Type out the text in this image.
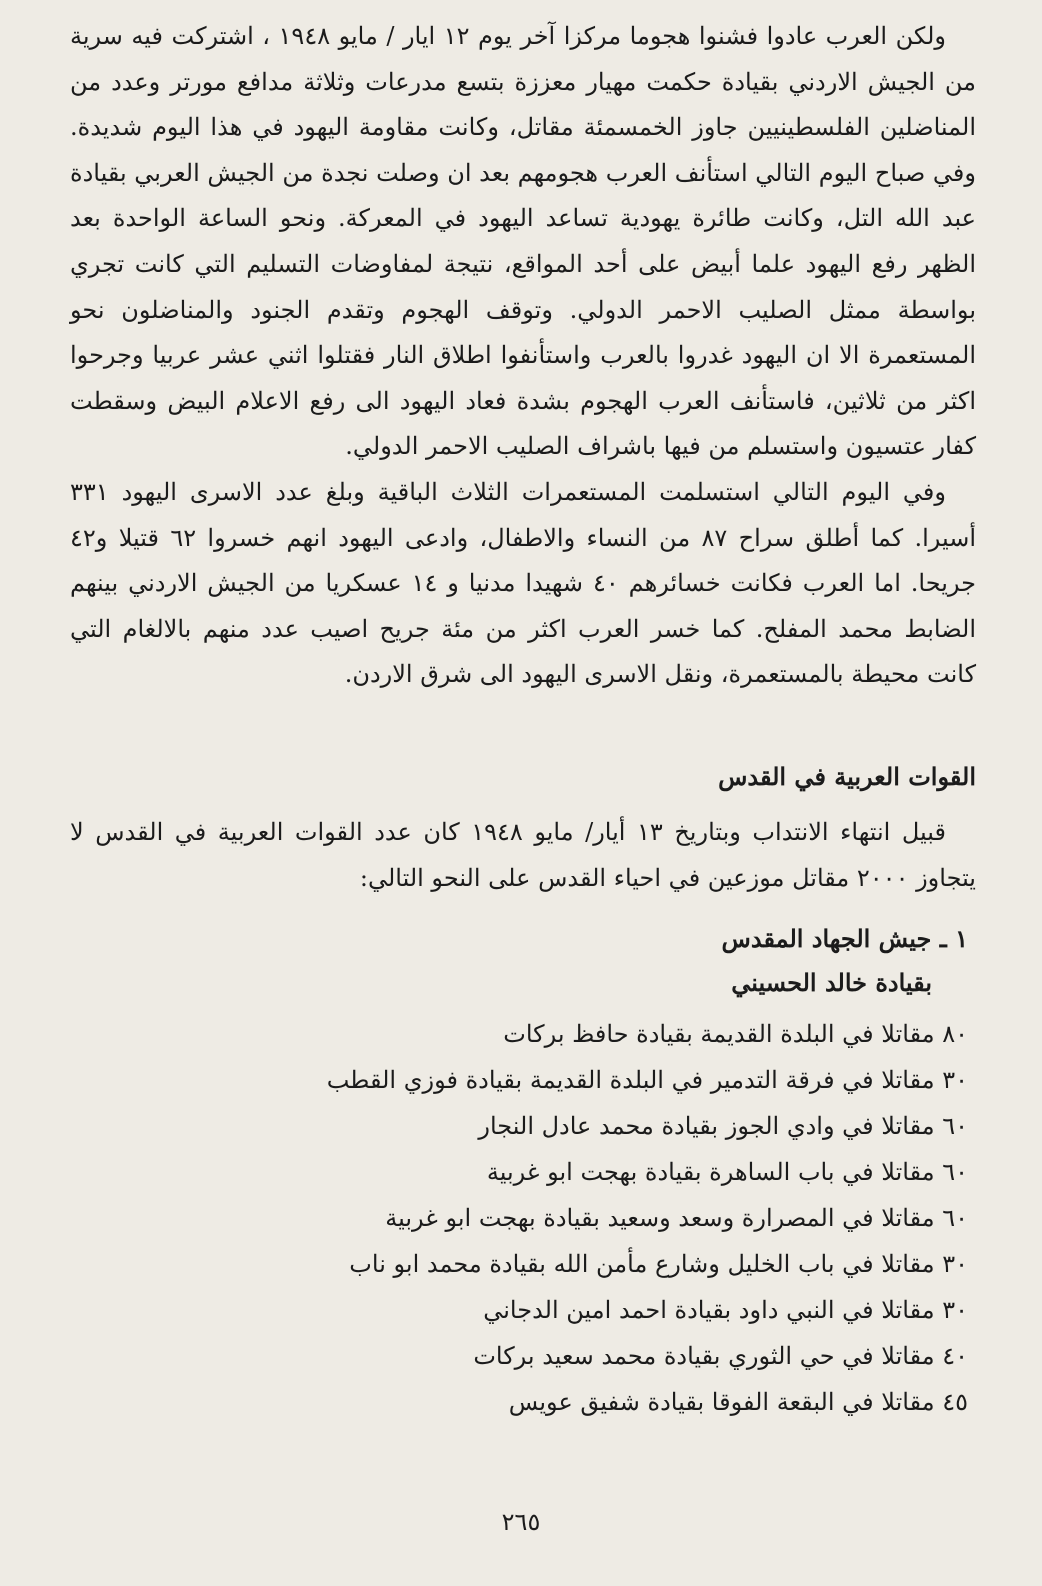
ولكن العرب عادوا فشنوا هجوما مركزا آخر يوم ١٢ ايار / مايو ١٩٤٨ ، اشتركت فيه سرية من الجيش الاردني بقيادة حكمت مهيار معززة بتسع مدرعات وثلاثة مدافع مورتر وعدد من المناضلين الفلسطينيين جاوز الخمسمئة مقاتل، وكانت مقاومة اليهود في هذا اليوم شديدة. وفي صباح اليوم التالي استأنف العرب هجومهم بعد ان وصلت نجدة من الجيش العربي بقيادة عبد الله التل، وكانت طائرة يهودية تساعد اليهود في المعركة. ونحو الساعة الواحدة بعد الظهر رفع اليهود علما أبيض على أحد المواقع، نتيجة لمفاوضات التسليم التي كانت تجري بواسطة ممثل الصليب الاحمر الدولي. وتوقف الهجوم وتقدم الجنود والمناضلون نحو المستعمرة الا ان اليهود غدروا بالعرب واستأنفوا اطلاق النار فقتلوا اثني عشر عربيا وجرحوا اكثر من ثلاثين، فاستأنف العرب الهجوم بشدة فعاد اليهود الى رفع الاعلام البيض وسقطت كفار عتسيون واستسلم من فيها باشراف الصليب الاحمر الدولي.

وفي اليوم التالي استسلمت المستعمرات الثلاث الباقية وبلغ عدد الاسرى اليهود ٣٣١ أسيرا. كما أطلق سراح ٨٧ من النساء والاطفال، وادعى اليهود انهم خسروا ٦٢ قتيلا و٤٢ جريحا. اما العرب فكانت خسائرهم ٤٠ شهيدا مدنيا و ١٤ عسكريا من الجيش الاردني بينهم الضابط محمد المفلح. كما خسر العرب اكثر من مئة جريح اصيب عدد منهم بالالغام التي كانت محيطة بالمستعمرة، ونقل الاسرى اليهود الى شرق الاردن.

القوات العربية في القدس

قبيل انتهاء الانتداب وبتاريخ ١٣ أيار/ مايو ١٩٤٨ كان عدد القوات العربية في القدس لا يتجاوز ٢٠٠٠ مقاتل موزعين في احياء القدس على النحو التالي:

١ ـ جيش الجهاد المقدس
بقيادة خالد الحسيني
٨٠ مقاتلا في البلدة القديمة بقيادة حافظ بركات
٣٠ مقاتلا في فرقة التدمير في البلدة القديمة بقيادة فوزي القطب
٦٠ مقاتلا في وادي الجوز بقيادة محمد عادل النجار
٦٠ مقاتلا في باب الساهرة بقيادة بهجت ابو غربية
٦٠ مقاتلا في المصرارة وسعد وسعيد بقيادة بهجت ابو غربية
٣٠ مقاتلا في باب الخليل وشارع مأمن الله بقيادة محمد ابو ناب
٣٠ مقاتلا في النبي داود بقيادة احمد امين الدجاني
٤٠ مقاتلا في حي الثوري بقيادة محمد سعيد بركات
٤٥ مقاتلا في البقعة الفوقا بقيادة شفيق عويس
٢٦٥
